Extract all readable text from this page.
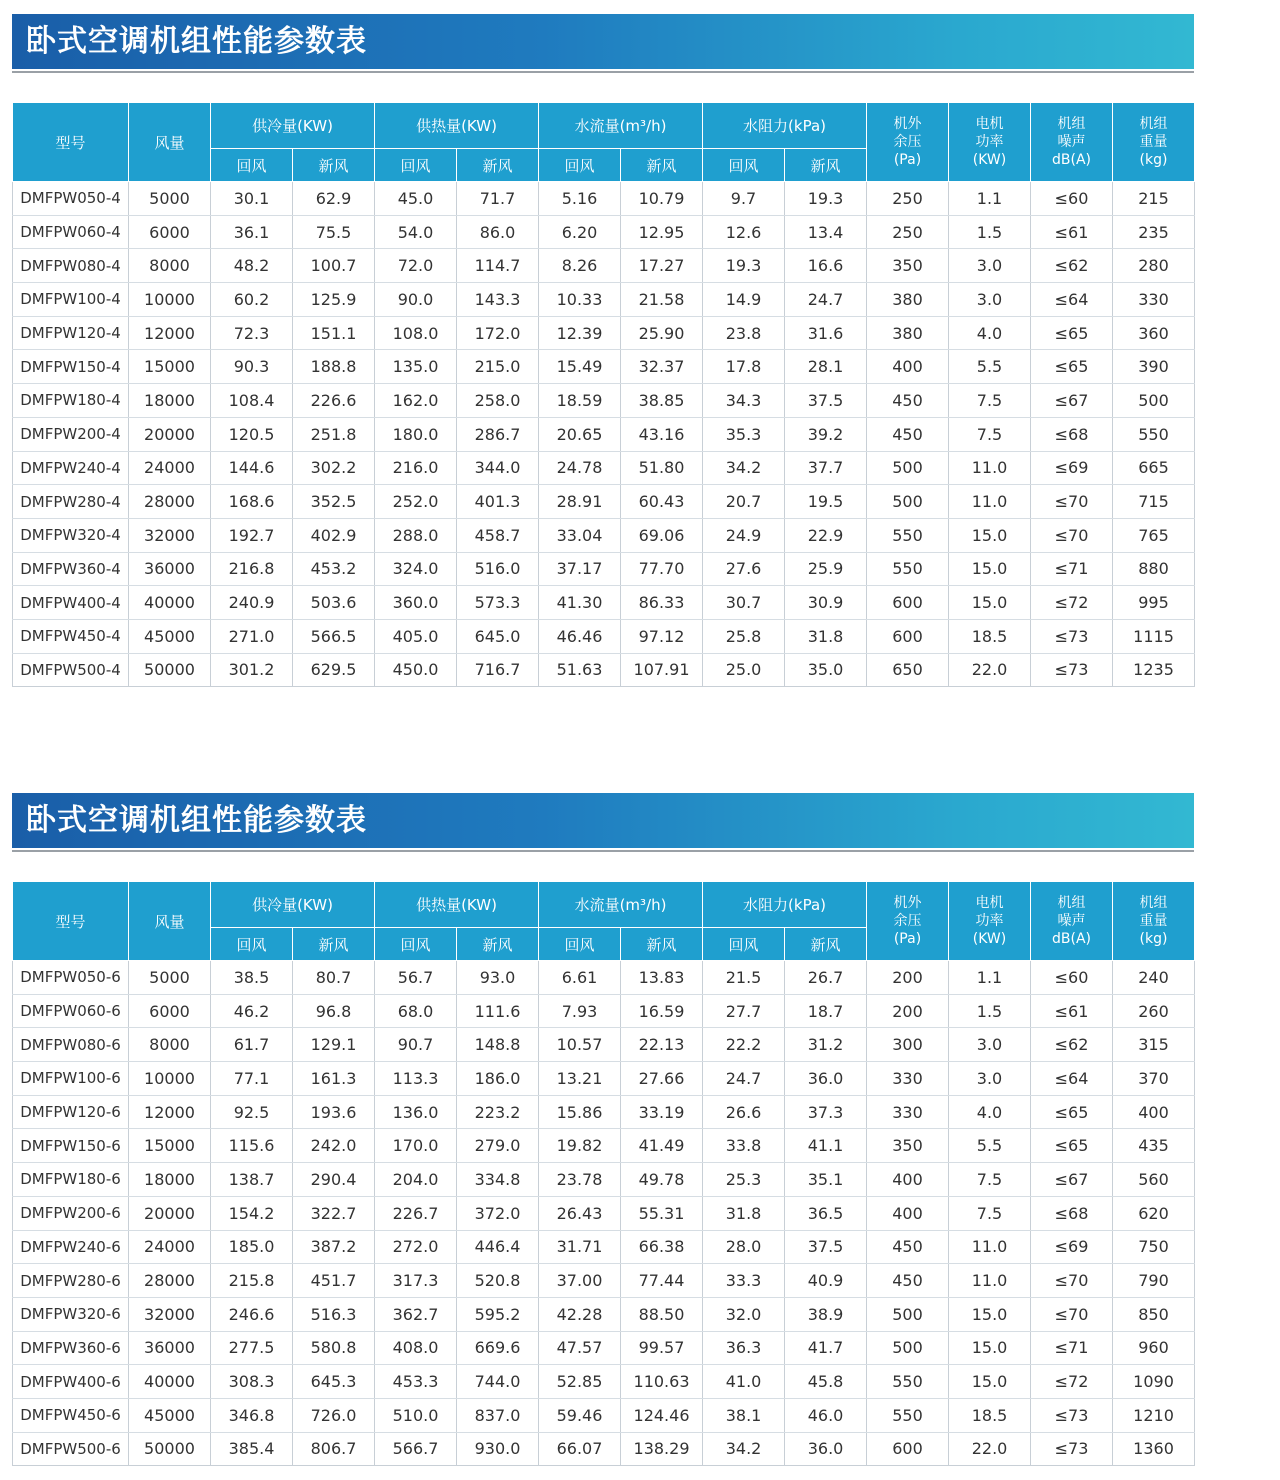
卧式空调机组性能参数表
型号	风量	供冷量(KW)		供热量(KW)		水流量(m³/h)		水阻力(kPa)		机外
余压
(Pa)	电机
功率
(KW)	机组
噪声
dB(A)	机组
重量
(kg)

		回风	新风	回风	新风	回风	新风	回风	新风				
DMFPW050-4	5000	30.1	62.9	45.0	71.7	5.16	10.79	9.7	19.3	250	1.1	≤60	215
DMFPW060-4	6000	36.1	75.5	54.0	86.0	6.20	12.95	12.6	13.4	250	1.5	≤61	235
DMFPW080-4	8000	48.2	100.7	72.0	114.7	8.26	17.27	19.3	16.6	350	3.0	≤62	280
DMFPW100-4	10000	60.2	125.9	90.0	143.3	10.33	21.58	14.9	24.7	380	3.0	≤64	330
DMFPW120-4	12000	72.3	151.1	108.0	172.0	12.39	25.90	23.8	31.6	380	4.0	≤65	360
DMFPW150-4	15000	90.3	188.8	135.0	215.0	15.49	32.37	17.8	28.1	400	5.5	≤65	390
DMFPW180-4	18000	108.4	226.6	162.0	258.0	18.59	38.85	34.3	37.5	450	7.5	≤67	500
DMFPW200-4	20000	120.5	251.8	180.0	286.7	20.65	43.16	35.3	39.2	450	7.5	≤68	550
DMFPW240-4	24000	144.6	302.2	216.0	344.0	24.78	51.80	34.2	37.7	500	11.0	≤69	665
DMFPW280-4	28000	168.6	352.5	252.0	401.3	28.91	60.43	20.7	19.5	500	11.0	≤70	715
DMFPW320-4	32000	192.7	402.9	288.0	458.7	33.04	69.06	24.9	22.9	550	15.0	≤70	765
DMFPW360-4	36000	216.8	453.2	324.0	516.0	37.17	77.70	27.6	25.9	550	15.0	≤71	880
DMFPW400-4	40000	240.9	503.6	360.0	573.3	41.30	86.33	30.7	30.9	600	15.0	≤72	995
DMFPW450-4	45000	271.0	566.5	405.0	645.0	46.46	97.12	25.8	31.8	600	18.5	≤73	1115
DMFPW500-4	50000	301.2	629.5	450.0	716.7	51.63	107.91	25.0	35.0	650	22.0	≤73	1235
卧式空调机组性能参数表
型号	风量	供冷量(KW)		供热量(KW)		水流量(m³/h)		水阻力(kPa)		机外
余压
(Pa)	电机
功率
(KW)	机组
噪声
dB(A)	机组
重量
(kg)

		回风	新风	回风	新风	回风	新风	回风	新风				
DMFPW050-6	5000	38.5	80.7	56.7	93.0	6.61	13.83	21.5	26.7	200	1.1	≤60	240
DMFPW060-6	6000	46.2	96.8	68.0	111.6	7.93	16.59	27.7	18.7	200	1.5	≤61	260
DMFPW080-6	8000	61.7	129.1	90.7	148.8	10.57	22.13	22.2	31.2	300	3.0	≤62	315
DMFPW100-6	10000	77.1	161.3	113.3	186.0	13.21	27.66	24.7	36.0	330	3.0	≤64	370
DMFPW120-6	12000	92.5	193.6	136.0	223.2	15.86	33.19	26.6	37.3	330	4.0	≤65	400
DMFPW150-6	15000	115.6	242.0	170.0	279.0	19.82	41.49	33.8	41.1	350	5.5	≤65	435
DMFPW180-6	18000	138.7	290.4	204.0	334.8	23.78	49.78	25.3	35.1	400	7.5	≤67	560
DMFPW200-6	20000	154.2	322.7	226.7	372.0	26.43	55.31	31.8	36.5	400	7.5	≤68	620
DMFPW240-6	24000	185.0	387.2	272.0	446.4	31.71	66.38	28.0	37.5	450	11.0	≤69	750
DMFPW280-6	28000	215.8	451.7	317.3	520.8	37.00	77.44	33.3	40.9	450	11.0	≤70	790
DMFPW320-6	32000	246.6	516.3	362.7	595.2	42.28	88.50	32.0	38.9	500	15.0	≤70	850
DMFPW360-6	36000	277.5	580.8	408.0	669.6	47.57	99.57	36.3	41.7	500	15.0	≤71	960
DMFPW400-6	40000	308.3	645.3	453.3	744.0	52.85	110.63	41.0	45.8	550	15.0	≤72	1090
DMFPW450-6	45000	346.8	726.0	510.0	837.0	59.46	124.46	38.1	46.0	550	18.5	≤73	1210
DMFPW500-6	50000	385.4	806.7	566.7	930.0	66.07	138.29	34.2	36.0	600	22.0	≤73	1360
